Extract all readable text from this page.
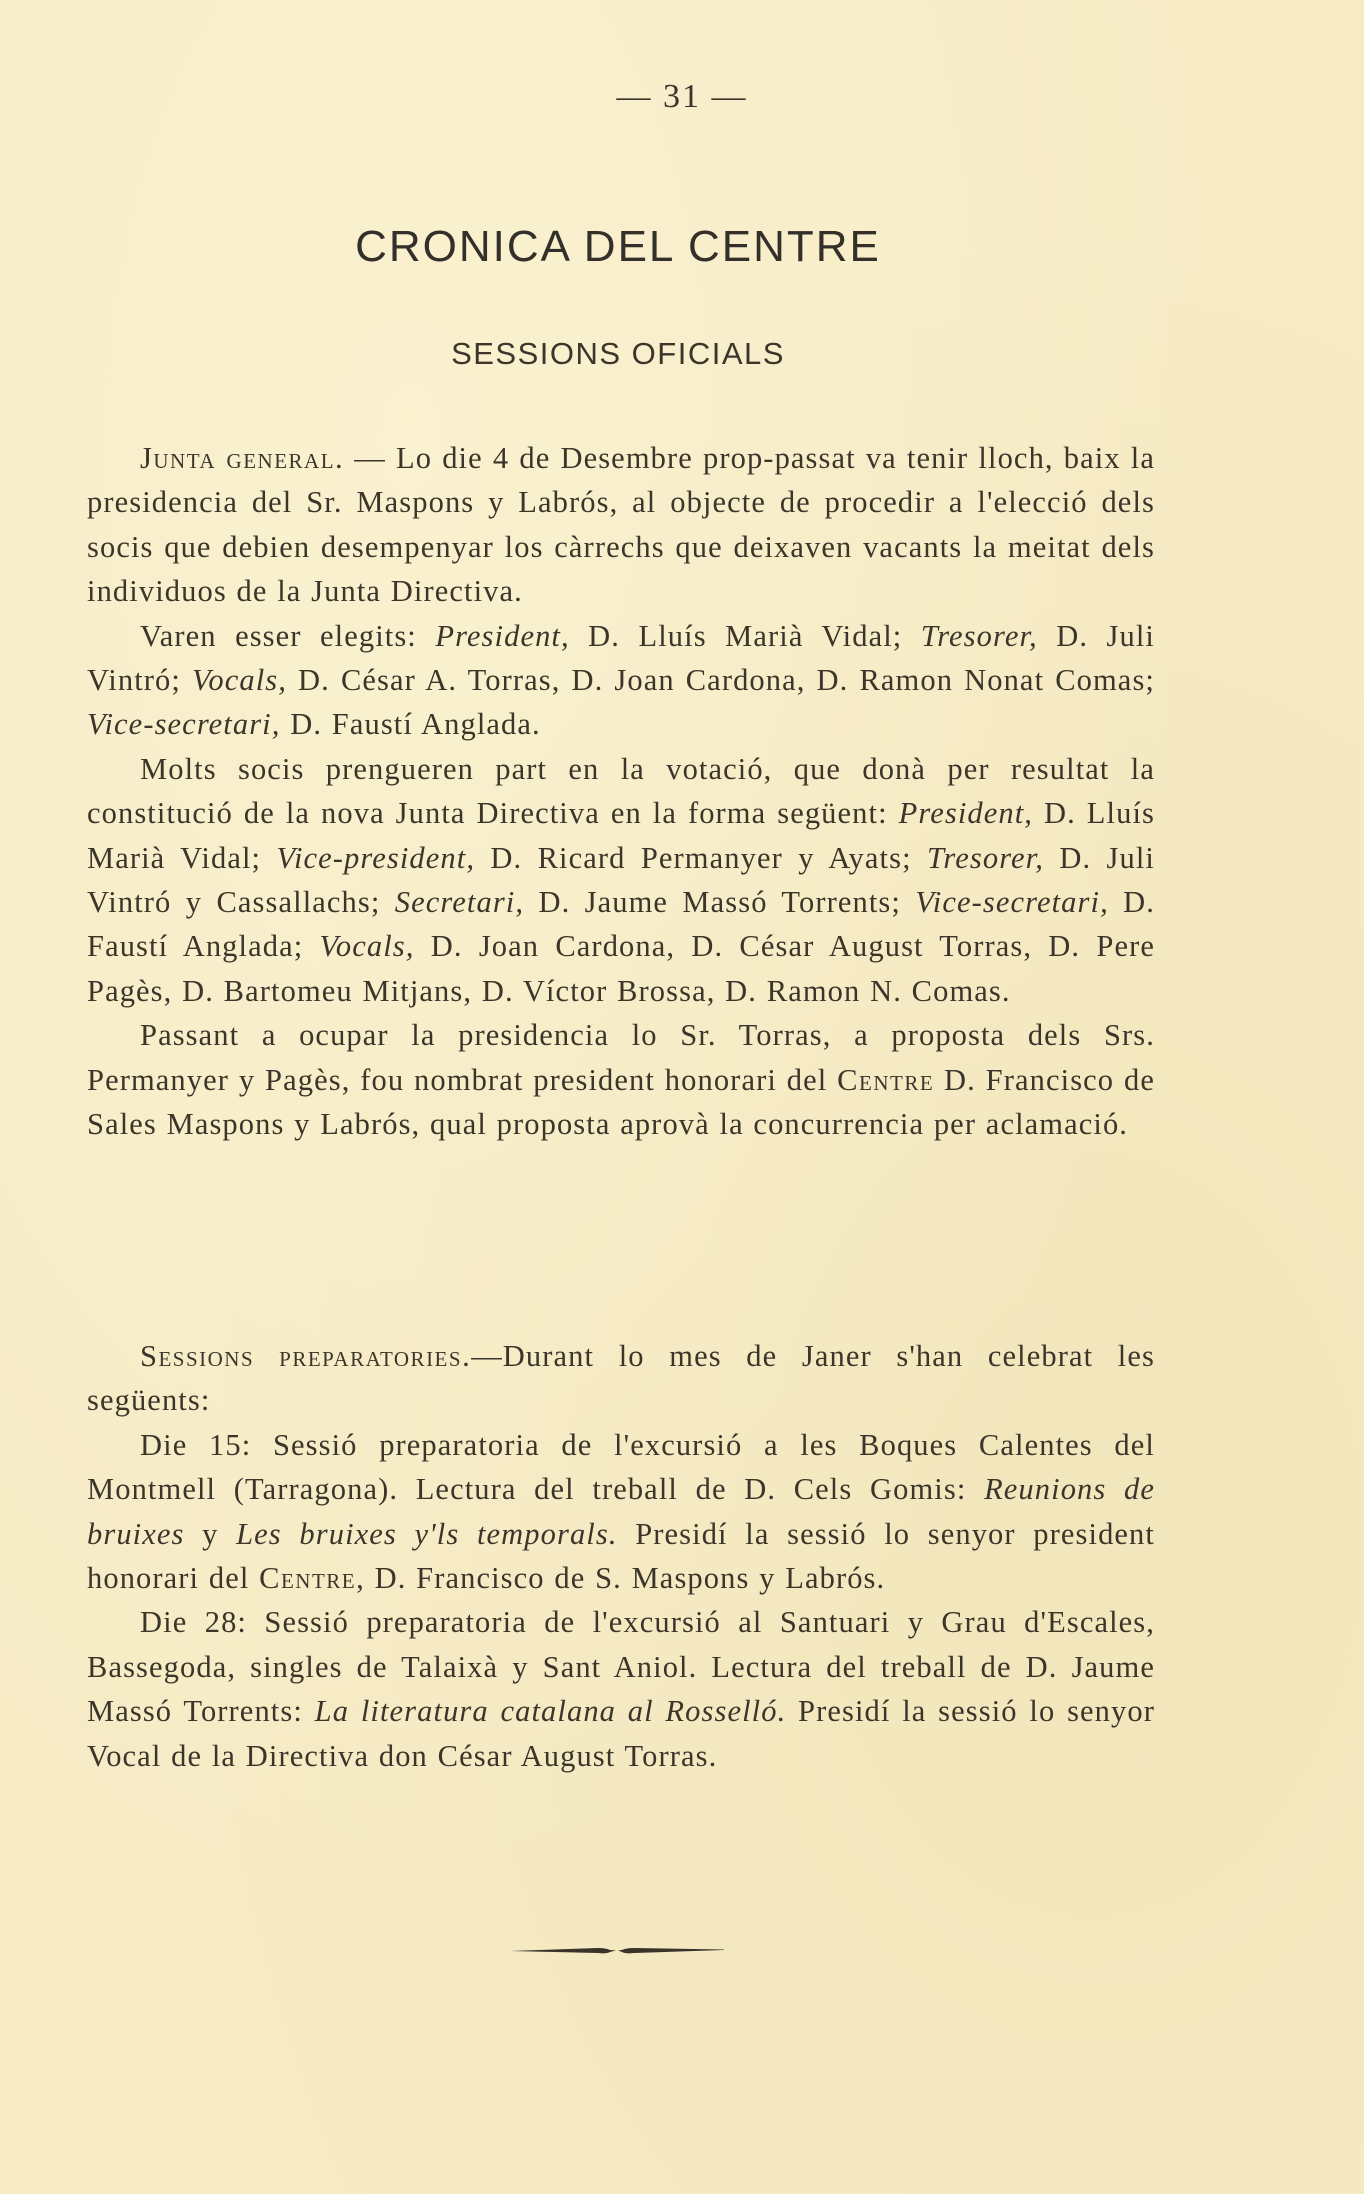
— 31 —
CRONICA DEL CENTRE
SESSIONS OFICIALS

Junta general. — Lo die 4 de Desembre prop-passat va tenir lloch, baix la presidencia del Sr. Maspons y Labrós, al objecte de procedir a l'elecció dels socis que debien desempenyar los càrrechs que deixaven vacants la meitat dels individuos de la Junta Directiva.

Varen esser elegits: President, D. Lluís Marià Vidal; Tresorer, D. Juli Vintró; Vocals, D. César A. Torras, D. Joan Cardona, D. Ramon Nonat Comas; Vice-secretari, D. Faustí Anglada.

Molts socis prengueren part en la votació, que donà per resultat la constitució de la nova Junta Directiva en la forma següent: President, D. Lluís Marià Vidal; Vice-president, D. Ricard Permanyer y Ayats; Tresorer, D. Juli Vintró y Cassallachs; Secretari, D. Jaume Massó Torrents; Vice-secretari, D. Faustí Anglada; Vocals, D. Joan Cardona, D. César August Torras, D. Pere Pagès, D. Bartomeu Mitjans, D. Víctor Brossa, D. Ramon N. Comas.

Passant a ocupar la presidencia lo Sr. Torras, a proposta dels Srs. Permanyer y Pagès, fou nombrat president honorari del Centre D. Francisco de Sales Maspons y Labrós, qual proposta aprovà la concurrencia per aclamació.

Sessions preparatories.—Durant lo mes de Janer s'han celebrat les següents:

Die 15: Sessió preparatoria de l'excursió a les Boques Calentes del Montmell (Tarragona). Lectura del treball de D. Cels Gomis: Reunions de bruixes y Les bruixes y'ls temporals. Presidí la sessió lo senyor president honorari del Centre, D. Francisco de S. Maspons y Labrós.

Die 28: Sessió preparatoria de l'excursió al Santuari y Grau d'Escales, Bassegoda, singles de Talaixà y Sant Aniol. Lectura del treball de D. Jaume Massó Torrents: La literatura catalana al Rosselló. Presidí la sessió lo senyor Vocal de la Directiva don César August Torras.
